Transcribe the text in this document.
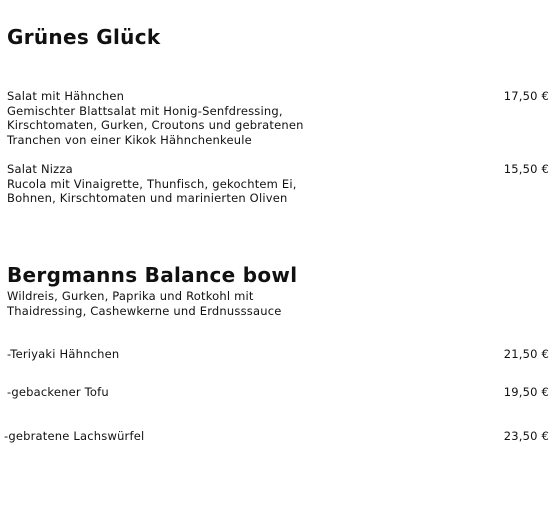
Grünes Glück
Salat mit Hähnchen
Gemischter Blattsalat mit Honig-Senfdressing,
Kirschtomaten, Gurken, Croutons und gebratenen
Tranchen von einer Kikok Hähnchenkeule
17,50 €
Salat Nizza
Rucola mit Vinaigrette, Thunfisch, gekochtem Ei,
Bohnen, Kirschtomaten und marinierten Oliven
15,50 €
Bergmanns Balance bowl
Wildreis, Gurken, Paprika und Rotkohl mit
Thaidressing, Cashewkerne und Erdnusssauce
-Teriyaki Hähnchen	21,50 €
-gebackener Tofu	19,50 €
-gebratene Lachswürfel	23,50 €
